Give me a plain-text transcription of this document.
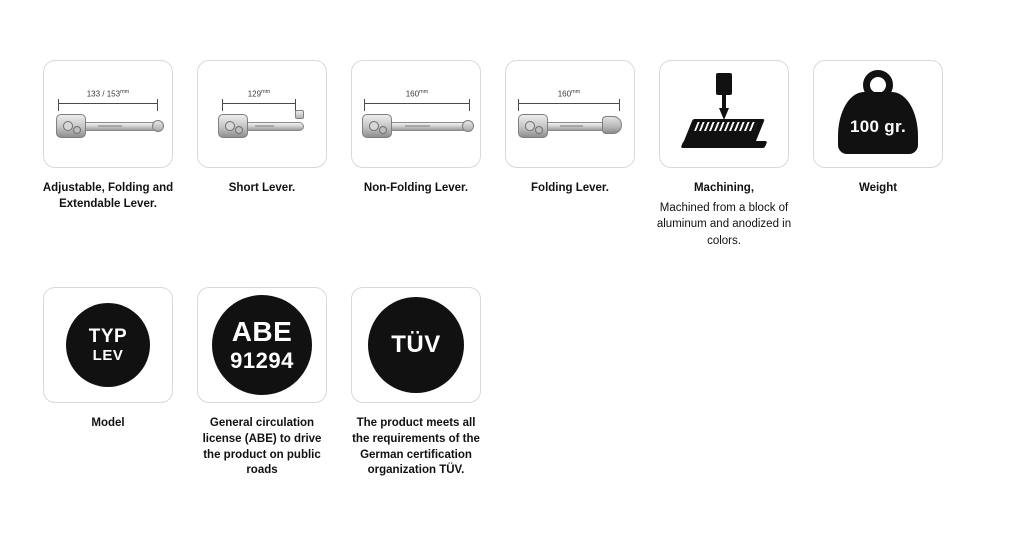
$133 / 153^{mm}$
Adjustable, Folding and Extendable Lever.
$129^{mm}$
Short Lever.
$160^{mm}$
Non-Folding Lever.
$160^{mm}$
Folding Lever.	Machining,
Machined from a block of aluminum and anodized in colors.
100 gr.
Weight
TYP
LEV
Model
ABE
91294
General circulation license (ABE) to drive the product on public roads
TÜV
The product meets all the requirements of the German certification organization TÜV.
